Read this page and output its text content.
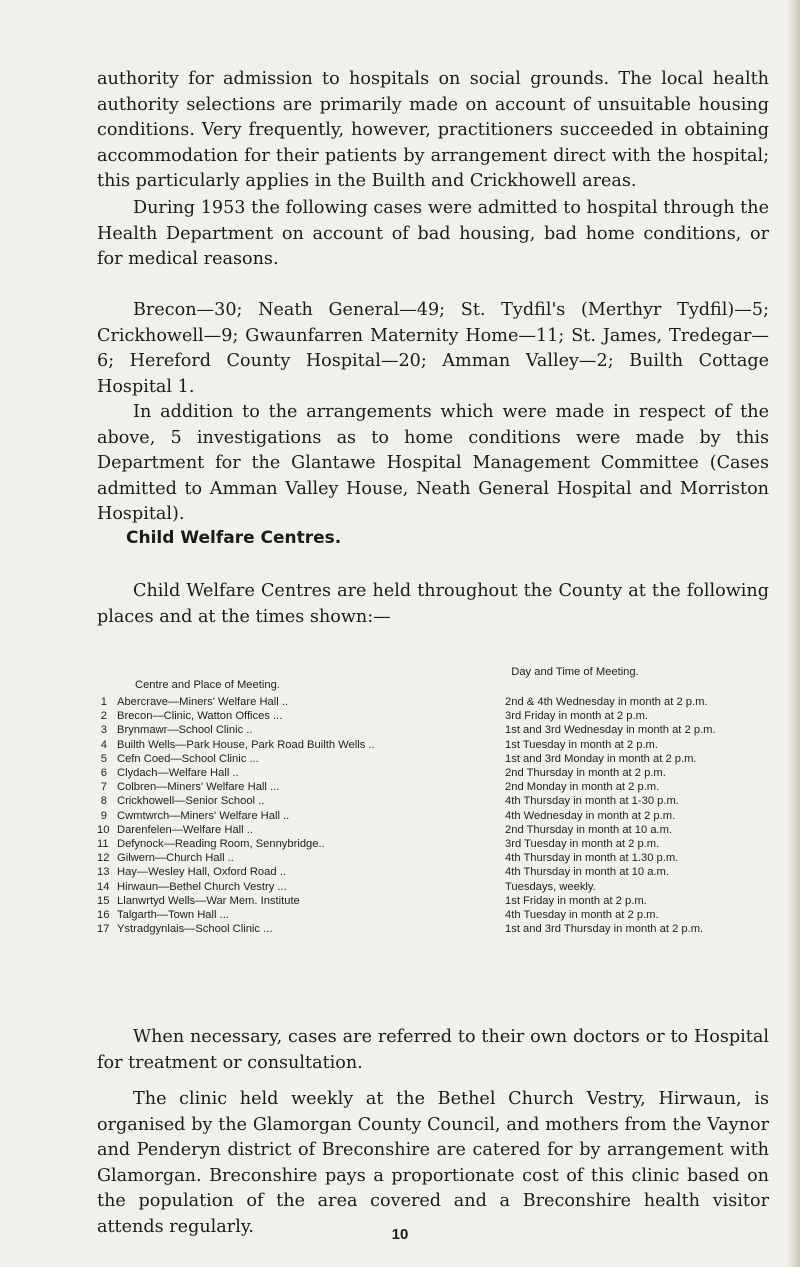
authority for admission to hospitals on social grounds. The local health authority selections are primarily made on account of unsuitable housing conditions. Very frequently, however, practitioners succeeded in obtaining accommodation for their patients by arrangement direct with the hospital; this particularly applies in the Builth and Crickhowell areas.

During 1953 the following cases were admitted to hospital through the Health Department on account of bad housing, bad home conditions, or for medical reasons.

Brecon—30; Neath General—49; St. Tydfil's (Merthyr Tydfil)—5; Crickhowell—9; Gwaunfarren Maternity Home—11; St. James, Tredegar—6; Hereford County Hospital—20; Amman Valley—2; Builth Cottage Hospital 1.

In addition to the arrangements which were made in respect of the above, 5 investigations as to home conditions were made by this Department for the Glantawe Hospital Management Committee (Cases admitted to Amman Valley House, Neath General Hospital and Morriston Hospital).

Child Welfare Centres.

Child Welfare Centres are held throughout the County at the following places and at the times shown:—

Centre and Place of Meeting.
Day and Time of Meeting.
1 Abercrave—Miners' Welfare Hall ..	2nd & 4th Wednesday in month at 2 p.m.
2 Brecon—Clinic, Watton Offices ...	3rd Friday in month at 2 p.m.
3 Brynmawr—School Clinic ..	1st and 3rd Wednesday in month at 2 p.m.
4 Builth Wells—Park House, Park Road Builth Wells ..	1st Tuesday in month at 2 p.m.
5 Cefn Coed—School Clinic ...	1st and 3rd Monday in month at 2 p.m.
6 Clydach—Welfare Hall ..	2nd Thursday in month at 2 p.m.
7 Colbren—Miners' Welfare Hall ...	2nd Monday in month at 2 p.m.
8 Crickhowell—Senior School ..	4th Thursday in month at 1-30 p.m.
9 Cwmtwrch—Miners' Welfare Hall ..	4th Wednesday in month at 2 p.m.
10 Darenfelen—Welfare Hall ..	2nd Thursday in month at 10 a.m.
11 Defynock—Reading Room, Sennybridge..	3rd Tuesday in month at 2 p.m.
12 Gilwern—Church Hall ..	4th Thursday in month at 1.30 p.m.
13 Hay—Wesley Hall, Oxford Road ..	4th Thursday in month at 10 a.m.
14 Hirwaun—Bethel Church Vestry ...	Tuesdays, weekly.
15 Llanwrtyd Wells—War Mem. Institute	1st Friday in month at 2 p.m.
16 Talgarth—Town Hall ...	4th Tuesday in month at 2 p.m.
17 Ystradgynlais—School Clinic ...	1st and 3rd Thursday in month at 2 p.m.

When necessary, cases are referred to their own doctors or to Hospital for treatment or consultation.

The clinic held weekly at the Bethel Church Vestry, Hirwaun, is organised by the Glamorgan County Council, and mothers from the Vaynor and Penderyn district of Breconshire are catered for by arrangement with Glamorgan. Breconshire pays a proportionate cost of this clinic based on the population of the area covered and a Breconshire health visitor attends regularly.	10
